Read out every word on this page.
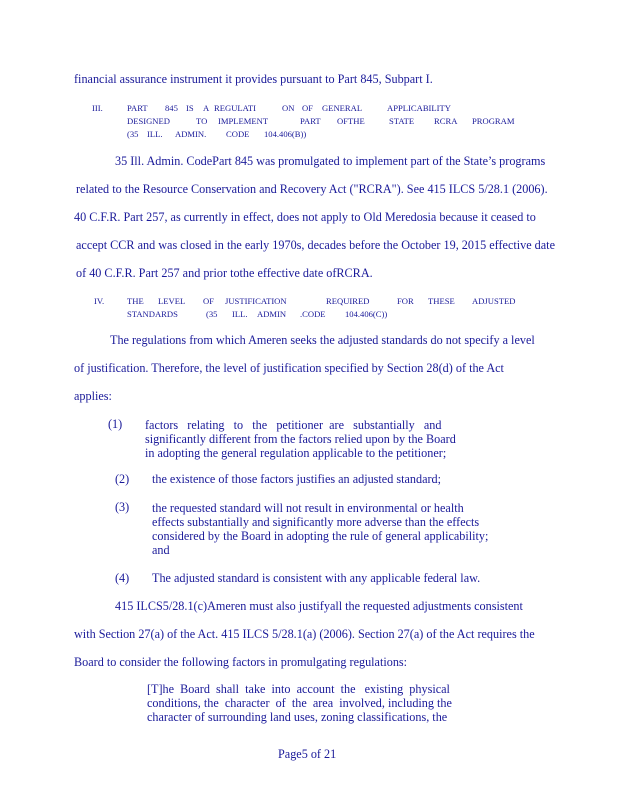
financial assurance instrument it provides pursuant to Part 845, Subpart I.
III.	PART 845 IS A REGULATI	ON OF GENERAL	APPLICABILITY
DESIGNED	TO IMPLEMENT	PART OFTHE	STATE RCRA PROGRAM
(35 ILL. ADMIN. CODE 104.406(B))
35 Ill. Admin. CodePart 845 was promulgated to implement part of the State’s programs
related to the Resource Conservation and Recovery Act ("RCRA"). See 415 ILCS 5/28.1 (2006).
40 C.F.R. Part 257, as currently in effect, does not apply to Old Meredosia because it ceased to
accept CCR and was closed in the early 1970s, decades before the October 19, 2015 effective date
of 40 C.F.R. Part 257 and prior tothe effective date ofRCRA.
IV.	THE LEVEL OF JUSTIFICATION	REQUIRED	FOR THESE ADJUSTED
STANDARDS	(35 ILL. ADMIN .CODE 104.406(C))
The regulations from which Ameren seeks the adjusted standards do not specify a level
of justification. Therefore, the level of justification specified by Section 28(d) of the Act
applies:
(1) factors   relating   to   the   petitioner  are   substantially   and
significantly different from the factors relied upon by the Board
in adopting the general regulation applicable to the petitioner;
(2) the existence of those factors justifies an adjusted standard;
(3) the requested standard will not result in environmental or health
effects substantially and significantly more adverse than the effects
considered by the Board in adopting the rule of general applicability;
and
(4) The adjusted standard is consistent with any applicable federal law.
415 ILCS5/28.1(c)Ameren must also justifyall the requested adjustments consistent
with Section 27(a) of the Act. 415 ILCS 5/28.1(a) (2006). Section 27(a) of the Act requires the
Board to consider the following factors in promulgating regulations:
[T]he  Board  shall  take  into  account  the   existing  physical
conditions, the  character  of  the  area  involved, including the
character of surrounding land uses, zoning classifications, the
Page5 of 21
